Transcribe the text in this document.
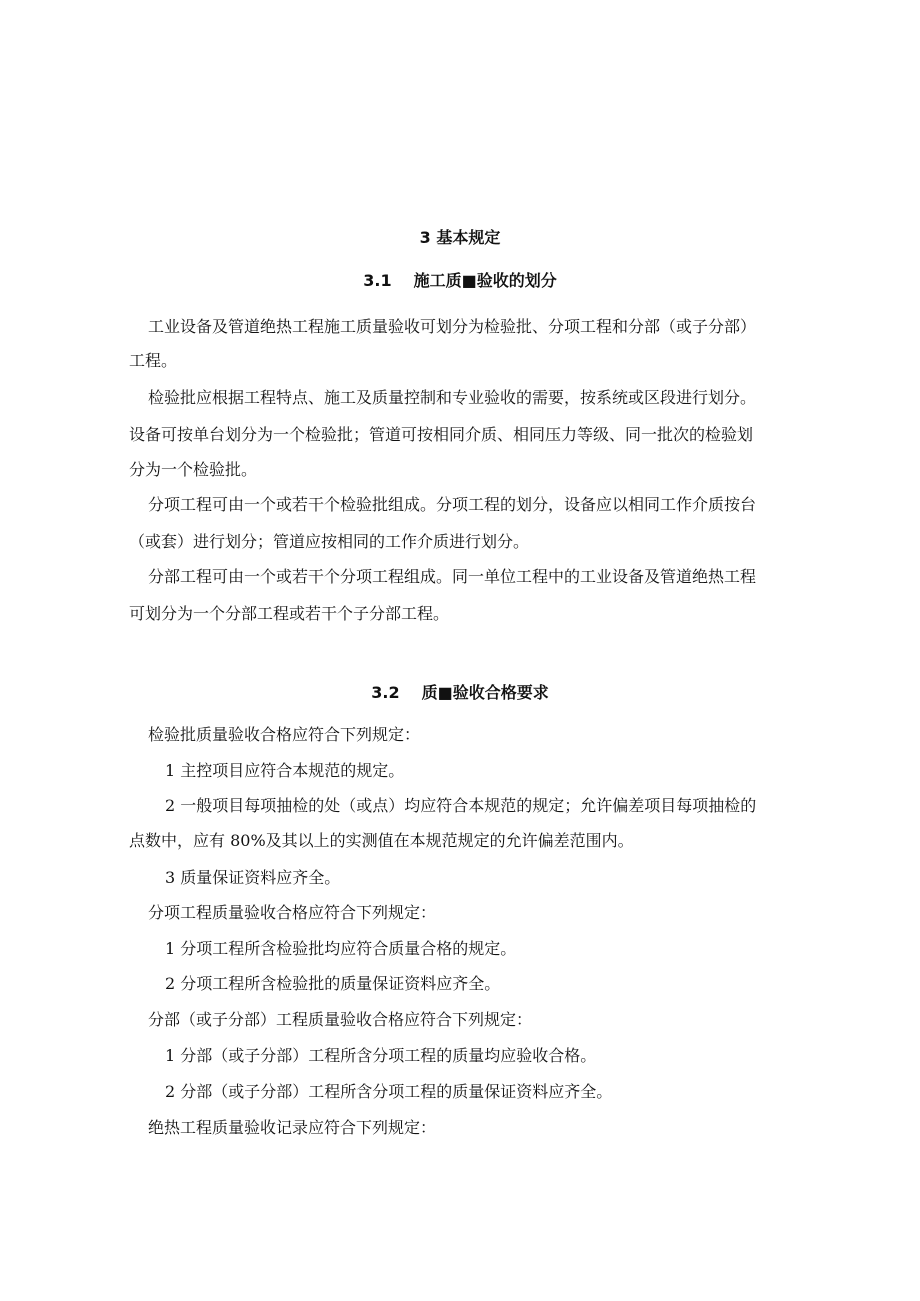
3 基本规定
3.1 施工质■验收的划分
工业设备及管道绝热工程施工质量验收可划分为检验批、分项工程和分部（或子分部）
工程。
检验批应根据工程特点、施工及质量控制和专业验收的需要，按系统或区段进行划分。
设备可按单台划分为一个检验批；管道可按相同介质、相同压力等级、同一批次的检验划
分为一个检验批。
分项工程可由一个或若干个检验批组成。分项工程的划分，设备应以相同工作介质按台
（或套）进行划分；管道应按相同的工作介质进行划分。
分部工程可由一个或若干个分项工程组成。同一单位工程中的工业设备及管道绝热工程
可划分为一个分部工程或若干个子分部工程。
3.2 质■验收合格要求
检验批质量验收合格应符合下列规定：
1 主控项目应符合本规范的规定。
2 一般项目每项抽检的处（或点）均应符合本规范的规定；允许偏差项目每项抽检的
点数中，应有 80%及其以上的实测值在本规范规定的允许偏差范围内。
3 质量保证资料应齐全。
分项工程质量验收合格应符合下列规定：
1 分项工程所含检验批均应符合质量合格的规定。
2 分项工程所含检验批的质量保证资料应齐全。
分部（或子分部）工程质量验收合格应符合下列规定：
1 分部（或子分部）工程所含分项工程的质量均应验收合格。
2 分部（或子分部）工程所含分项工程的质量保证资料应齐全。
绝热工程质量验收记录应符合下列规定：
